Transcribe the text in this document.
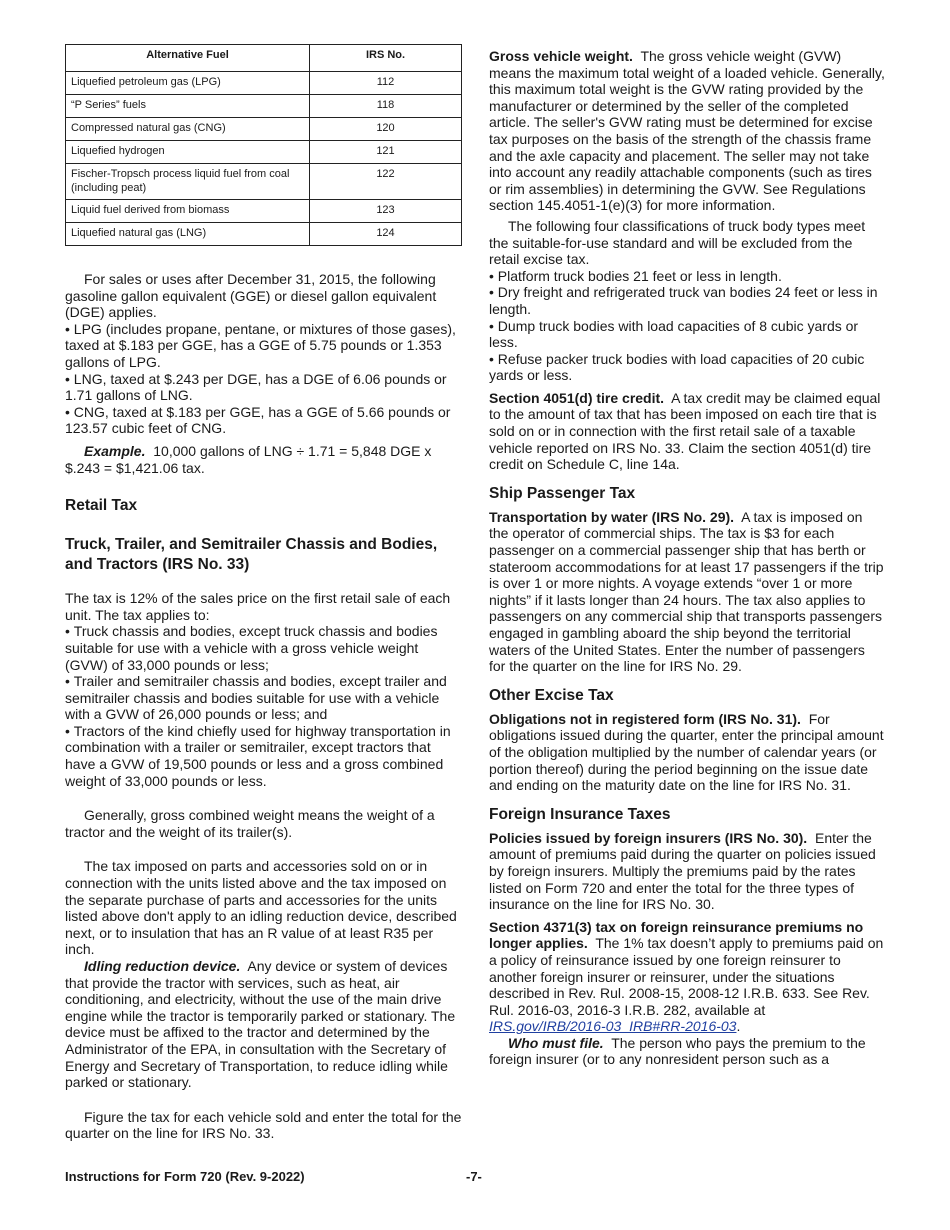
Alternative Fuel	IRS No.
Liquefied petroleum gas (LPG)	112
“P Series” fuels	118
Compressed natural gas (CNG)	120
Liquefied hydrogen	121
Fischer-Tropsch process liquid fuel from coal (including peat)	122
Liquid fuel derived from biomass	123
Liquefied natural gas (LNG)	124

For sales or uses after December 31, 2015, the following gasoline gallon equivalent (GGE) or diesel gallon equivalent (DGE) applies.

• LPG (includes propane, pentane, or mixtures of those gases), taxed at $.183 per GGE, has a GGE of 5.75 pounds or 1.353 gallons of LPG.

• LNG, taxed at $.243 per DGE, has a DGE of 6.06 pounds or 1.71 gallons of LNG.

• CNG, taxed at $.183 per GGE, has a GGE of 5.66 pounds or 123.57 cubic feet of CNG.

Example. 10,000 gallons of LNG ÷ 1.71 = 5,848 DGE x $.243 = $1,421.06 tax.

Retail Tax
Truck, Trailer, and Semitrailer Chassis and Bodies, and Tractors (IRS No. 33)

The tax is 12% of the sales price on the first retail sale of each unit. The tax applies to:

• Truck chassis and bodies, except truck chassis and bodies suitable for use with a vehicle with a gross vehicle weight (GVW) of 33,000 pounds or less;

• Trailer and semitrailer chassis and bodies, except trailer and semitrailer chassis and bodies suitable for use with a vehicle with a GVW of 26,000 pounds or less; and

• Tractors of the kind chiefly used for highway transportation in combination with a trailer or semitrailer, except tractors that have a GVW of 19,500 pounds or less and a gross combined weight of 33,000 pounds or less.

Generally, gross combined weight means the weight of a tractor and the weight of its trailer(s).

The tax imposed on parts and accessories sold on or in connection with the units listed above and the tax imposed on the separate purchase of parts and accessories for the units listed above don't apply to an idling reduction device, described next, or to insulation that has an R value of at least R35 per inch.

Idling reduction device. Any device or system of devices that provide the tractor with services, such as heat, air conditioning, and electricity, without the use of the main drive engine while the tractor is temporarily parked or stationary. The device must be affixed to the tractor and determined by the Administrator of the EPA, in consultation with the Secretary of Energy and Secretary of Transportation, to reduce idling while parked or stationary.

Figure the tax for each vehicle sold and enter the total for the quarter on the line for IRS No. 33.

Gross vehicle weight. The gross vehicle weight (GVW) means the maximum total weight of a loaded vehicle. Generally, this maximum total weight is the GVW rating provided by the manufacturer or determined by the seller of the completed article. The seller's GVW rating must be determined for excise tax purposes on the basis of the strength of the chassis frame and the axle capacity and placement. The seller may not take into account any readily attachable components (such as tires or rim assemblies) in determining the GVW. See Regulations section 145.4051-1(e)(3) for more information.

The following four classifications of truck body types meet the suitable-for-use standard and will be excluded from the retail excise tax.

• Platform truck bodies 21 feet or less in length.

• Dry freight and refrigerated truck van bodies 24 feet or less in length.

• Dump truck bodies with load capacities of 8 cubic yards or less.

• Refuse packer truck bodies with load capacities of 20 cubic yards or less.

Section 4051(d) tire credit. A tax credit may be claimed equal to the amount of tax that has been imposed on each tire that is sold on or in connection with the first retail sale of a taxable vehicle reported on IRS No. 33. Claim the section 4051(d) tire credit on Schedule C, line 14a.

Ship Passenger Tax

Transportation by water (IRS No. 29). A tax is imposed on the operator of commercial ships. The tax is $3 for each passenger on a commercial passenger ship that has berth or stateroom accommodations for at least 17 passengers if the trip is over 1 or more nights. A voyage extends “over 1 or more nights” if it lasts longer than 24 hours. The tax also applies to passengers on any commercial ship that transports passengers engaged in gambling aboard the ship beyond the territorial waters of the United States. Enter the number of passengers for the quarter on the line for IRS No. 29.

Other Excise Tax

Obligations not in registered form (IRS No. 31). For obligations issued during the quarter, enter the principal amount of the obligation multiplied by the number of calendar years (or portion thereof) during the period beginning on the issue date and ending on the maturity date on the line for IRS No. 31.

Foreign Insurance Taxes

Policies issued by foreign insurers (IRS No. 30). Enter the amount of premiums paid during the quarter on policies issued by foreign insurers. Multiply the premiums paid by the rates listed on Form 720 and enter the total for the three types of insurance on the line for IRS No. 30.

Section 4371(3) tax on foreign reinsurance premiums no longer applies. The 1% tax doesn’t apply to premiums paid on a policy of reinsurance issued by one foreign reinsurer to another foreign insurer or reinsurer, under the situations described in Rev. Rul. 2008-15, 2008-12 I.R.B. 633. See Rev. Rul. 2016-03, 2016-3 I.R.B. 282, available at IRS.gov/IRB/2016-03_IRB#RR-2016-03.

Who must file. The person who pays the premium to the foreign insurer (or to any nonresident person such as a

Instructions for Form 720 (Rev. 9-2022)	-7-
